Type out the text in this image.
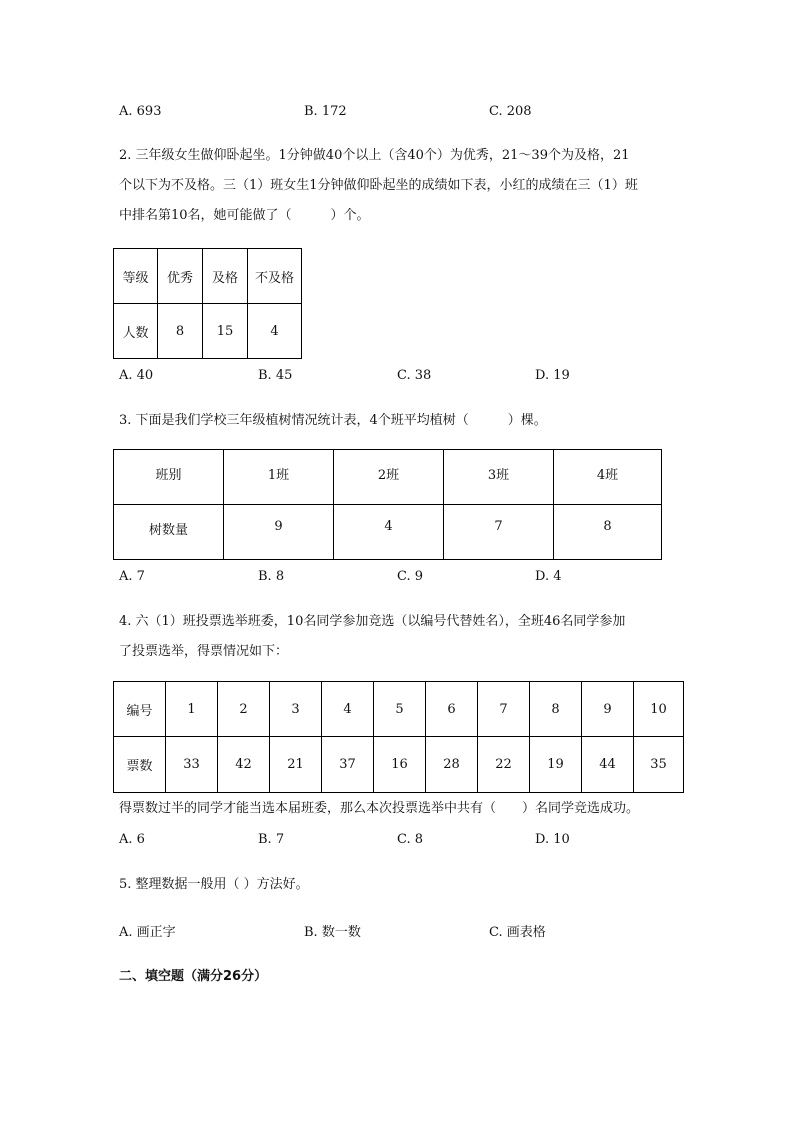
A. 693	B. 172	C. 208
2. 三年级女生做仰卧起坐。1分钟做40个以上（含40个）为优秀，21～39个为及格，21
个以下为不及格。三（1）班女生1分钟做仰卧起坐的成绩如下表，小红的成绩在三（1）班
中排名第10名，她可能做了（　　　）个。
等级	优秀	及格	不及格
人数	8	15	4
A. 40	B. 45	C. 38	D. 19
3. 下面是我们学校三年级植树情况统计表，4个班平均植树（　　　）棵。
班别	1班	2班	3班	4班
树数量	9	4	7	8
A. 7	B. 8	C. 9	D. 4
4. 六（1）班投票选举班委，10名同学参加竞选（以编号代替姓名），全班46名同学参加
了投票选举，得票情况如下：
编号	1	2	3	4	5	6	7	8	9	10
票数	33	42	21	37	16	28	22	19	44	35
得票数过半的同学才能当选本届班委，那么本次投票选举中共有（　　）名同学竞选成功。
A. 6	B. 7	C. 8	D. 10
5. 整理数据一般用（ ）方法好。
A. 画正字	B. 数一数	C. 画表格
二、填空题（满分26分）
